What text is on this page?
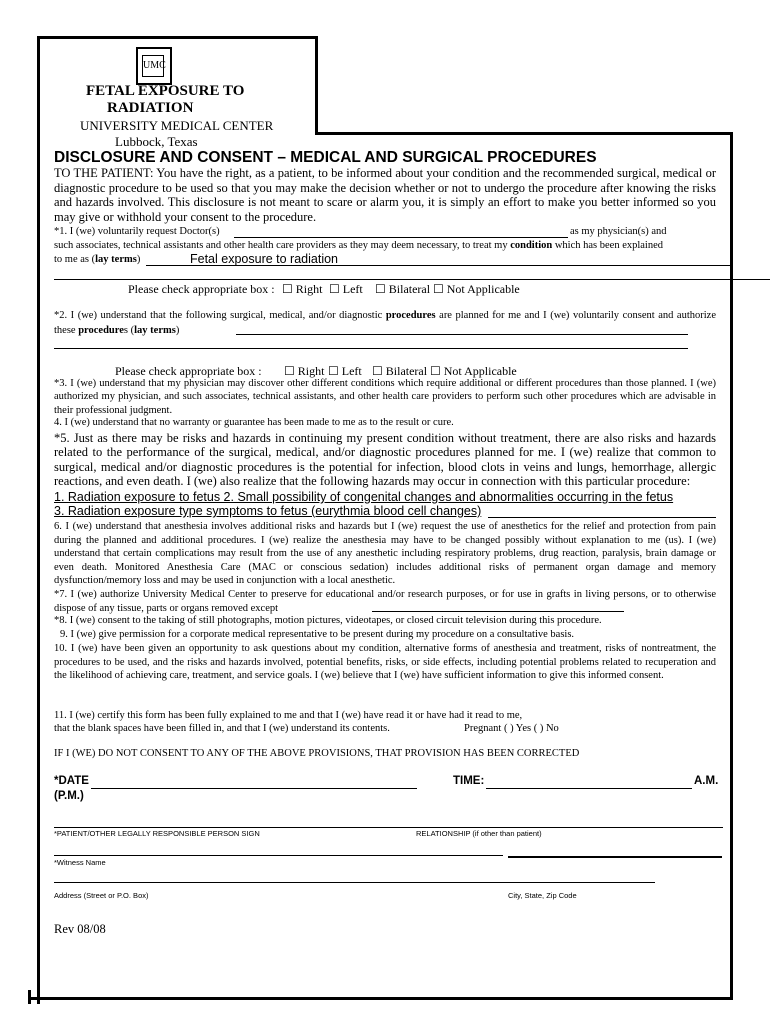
UMC
FETAL EXPOSURE TO
RADIATION
UNIVERSITY MEDICAL CENTER
Lubbock, Texas
DISCLOSURE AND CONSENT – MEDICAL AND SURGICAL PROCEDURES
TO THE PATIENT: You have the right, as a patient, to be informed about your condition and the recommended surgical, medical or diagnostic procedure to be used so that you may make the decision whether or not to undergo the procedure after knowing the risks and hazards involved. This disclosure is not meant to scare or alarm you, it is simply an effort to make you better informed so you may give or withhold your consent to the procedure.
*1. I (we) voluntarily request Doctor(s)	as my physician(s) and
such associates, technical assistants and other health care providers as they may deem necessary, to treat my condition which has been explained
to me as (lay terms)	Fetal exposure to radiation
Please check appropriate box : ☐ Right ☐ Left ☐ Bilateral ☐ Not Applicable
*2. I (we) understand that the following surgical, medical, and/or diagnostic procedures are planned for me and I (we) voluntarily consent and authorize these procedures (lay terms)
Please check appropriate box : ☐ Right ☐ Left ☐ Bilateral ☐ Not Applicable
*3. I (we) understand that my physician may discover other different conditions which require additional or different procedures than those planned. I (we) authorized my physician, and such associates, technical assistants, and other health care providers to perform such other procedures which are advisable in their professional judgment.
4. I (we) understand that no warranty or guarantee has been made to me as to the result or cure.
*5. Just as there may be risks and hazards in continuing my present condition without treatment, there are also risks and hazards related to the performance of the surgical, medical, and/or diagnostic procedures planned for me. I (we) realize that common to surgical, medical and/or diagnostic procedures is the potential for infection, blood clots in veins and lungs, hemorrhage, allergic reactions, and even death. I (we) also realize that the following hazards may occur in connection with this particular procedure:
1. Radiation exposure to fetus 2. Small possibility of congenital changes and abnormalities occurring in the fetus
3. Radiation exposure type symptoms to fetus (eurythmia blood cell changes)
6. I (we) understand that anesthesia involves additional risks and hazards but I (we) request the use of anesthetics for the relief and protection from pain during the planned and additional procedures. I (we) realize the anesthesia may have to be changed possibly without explanation to me (us). I (we) understand that certain complications may result from the use of any anesthetic including respiratory problems, drug reaction, paralysis, brain damage or even death. Monitored Anesthesia Care (MAC or conscious sedation) includes additional risks of permanent organ damage and memory dysfunction/memory loss and may be used in conjunction with a local anesthetic.
*7. I (we) authorize University Medical Center to preserve for educational and/or research purposes, or for use in grafts in living persons, or to otherwise dispose of any tissue, parts or organs removed except
*8. I (we) consent to the taking of still photographs, motion pictures, videotapes, or closed circuit television during this procedure.
9. I (we) give permission for a corporate medical representative to be present during my procedure on a consultative basis.
10. I (we) have been given an opportunity to ask questions about my condition, alternative forms of anesthesia and treatment, risks of nontreatment, the procedures to be used, and the risks and hazards involved, potential benefits, risks, or side effects, including potential problems related to recuperation and the likelihood of achieving care, treatment, and service goals. I (we) believe that I (we) have sufficient information to give this informed consent.
11. I (we) certify this form has been fully explained to me and that I (we) have read it or have had it read to me,
that the blank spaces have been filled in, and that I (we) understand its contents.	Pregnant ( ) Yes ( ) No
IF I (WE) DO NOT CONSENT TO ANY OF THE ABOVE PROVISIONS, THAT PROVISION HAS BEEN CORRECTED
*DATE	TIME:	A.M.
(P.M.)
*PATIENT/OTHER LEGALLY RESPONSIBLE PERSON SIGN	RELATIONSHIP (if other than patient)
*Witness Name
Address (Street or P.O. Box)	City, State, Zip Code
Rev 08/08
